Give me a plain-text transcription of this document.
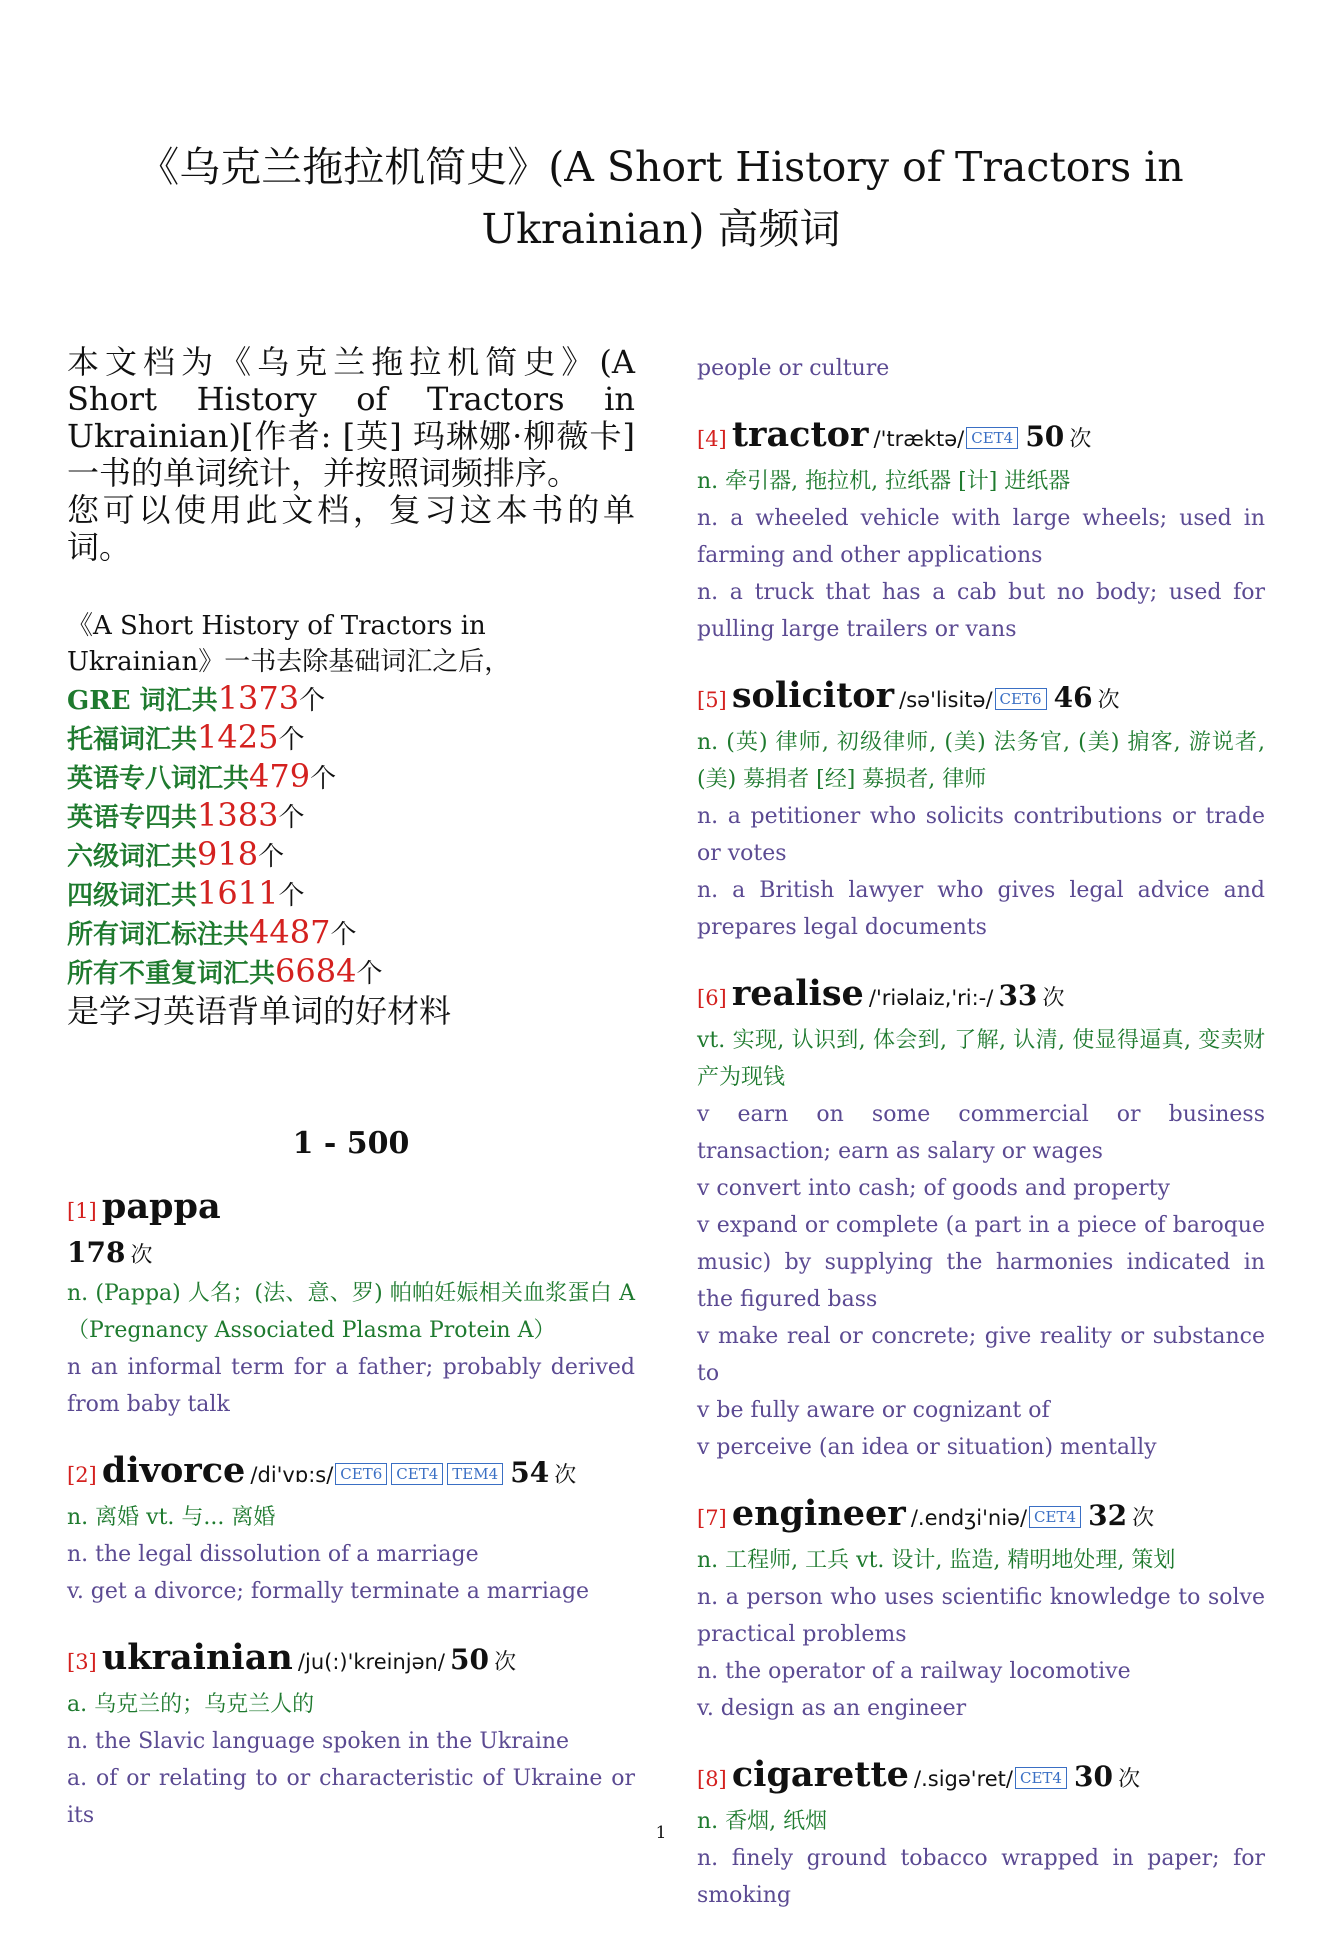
《乌克兰拖拉机简史》(A Short History of Tractors in Ukrainian) 高频词

本文档为《乌克兰拖拉机简史》(A Short History of Tractors in Ukrainian)[作者: [英] 玛琳娜·柳薇卡] 一书的单词统计，并按照词频排序。

您可以使用此文档，复习这本书的单词。

《A Short History of Tractors in Ukrainian》一书去除基础词汇之后，
GRE 词汇共1373个
托福词汇共1425个
英语专八词汇共479个
英语专四共1383个
六级词汇共918个
四级词汇共1611个
所有词汇标注共4487个
所有不重复词汇共6684个
是学习英语背单词的好材料
1 - 500
[1] pappa
178 次
n. (Pappa) 人名；(法、意、罗) 帕帕妊娠相关血浆蛋白 A（Pregnancy Associated Plasma Protein A）
n an informal term for a father; probably derived from baby talk
[2] divorce /di'vɒ:s/ CET6 CET4 TEM4 54 次
n. 离婚 vt. 与... 离婚
n. the legal dissolution of a marriage
v. get a divorce; formally terminate a marriage
[3] ukrainian /ju(:)'kreinjən/ 50 次
a. 乌克兰的；乌克兰人的
n. the Slavic language spoken in the Ukraine
a. of or relating to or characteristic of Ukraine or its
people or culture
[4] tractor /'træktə/ CET4 50 次
n. 牵引器, 拖拉机, 拉纸器 [计] 进纸器
n. a wheeled vehicle with large wheels; used in farming and other applications
n. a truck that has a cab but no body; used for pulling large trailers or vans
[5] solicitor /sə'lisitə/ CET6 46 次
n. (英) 律师, 初级律师, (美) 法务官, (美) 掮客, 游说者, (美) 募捐者 [经] 募损者, 律师
n. a petitioner who solicits contributions or trade or votes
n. a British lawyer who gives legal advice and prepares legal documents
[6] realise /'riəlaiz,'ri:-/ 33 次
vt. 实现, 认识到, 体会到, 了解, 认清, 使显得逼真, 变卖财产为现钱
v earn on some commercial or business transaction; earn as salary or wages
v convert into cash; of goods and property
v expand or complete (a part in a piece of baroque music) by supplying the harmonies indicated in the figured bass
v make real or concrete; give reality or substance to
v be fully aware or cognizant of
v perceive (an idea or situation) mentally
[7] engineer /.endʒi'niə/ CET4 32 次
n. 工程师, 工兵 vt. 设计, 监造, 精明地处理, 策划
n. a person who uses scientific knowledge to solve practical problems
n. the operator of a railway locomotive
v. design as an engineer
[8] cigarette /.sigə'ret/ CET4 30 次
n. 香烟, 纸烟
n. finely ground tobacco wrapped in paper; for smoking
1
